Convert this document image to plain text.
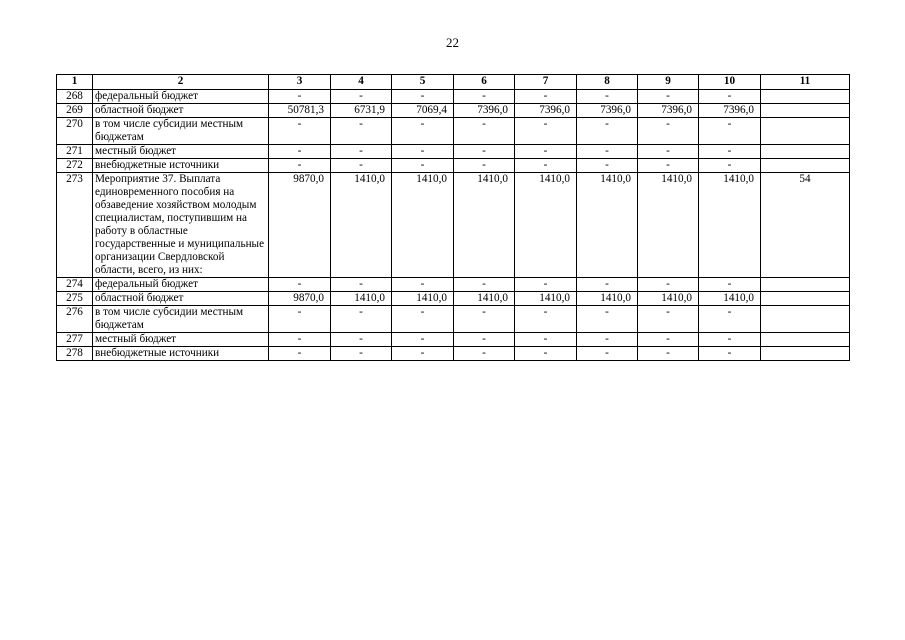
22
1	2	3	4	5	6	7	8	9	10	11
268	федеральный бюджет	-	-	-	-	-	-	-	-	
269	областной бюджет	50781,3	6731,9	7069,4	7396,0	7396,0	7396,0	7396,0	7396,0	
270	в том числе субсидии местным бюджетам	-	-	-	-	-	-	-	-	
271	местный бюджет	-	-	-	-	-	-	-	-	
272	внебюджетные источники	-	-	-	-	-	-	-	-	
273	Мероприятие 37. Выплата единовременного пособия на обзаведение хозяйством молодым специалистам, поступившим на работу в областные государственные и муниципальные организации Свердловской области, всего, из них:	9870,0	1410,0	1410,0	1410,0	1410,0	1410,0	1410,0	1410,0	54
274	федеральный бюджет	-	-	-	-	-	-	-	-	
275	областной бюджет	9870,0	1410,0	1410,0	1410,0	1410,0	1410,0	1410,0	1410,0	
276	в том числе субсидии местным бюджетам	-	-	-	-	-	-	-	-	
277	местный бюджет	-	-	-	-	-	-	-	-	
278	внебюджетные источники	-	-	-	-	-	-	-	-	
